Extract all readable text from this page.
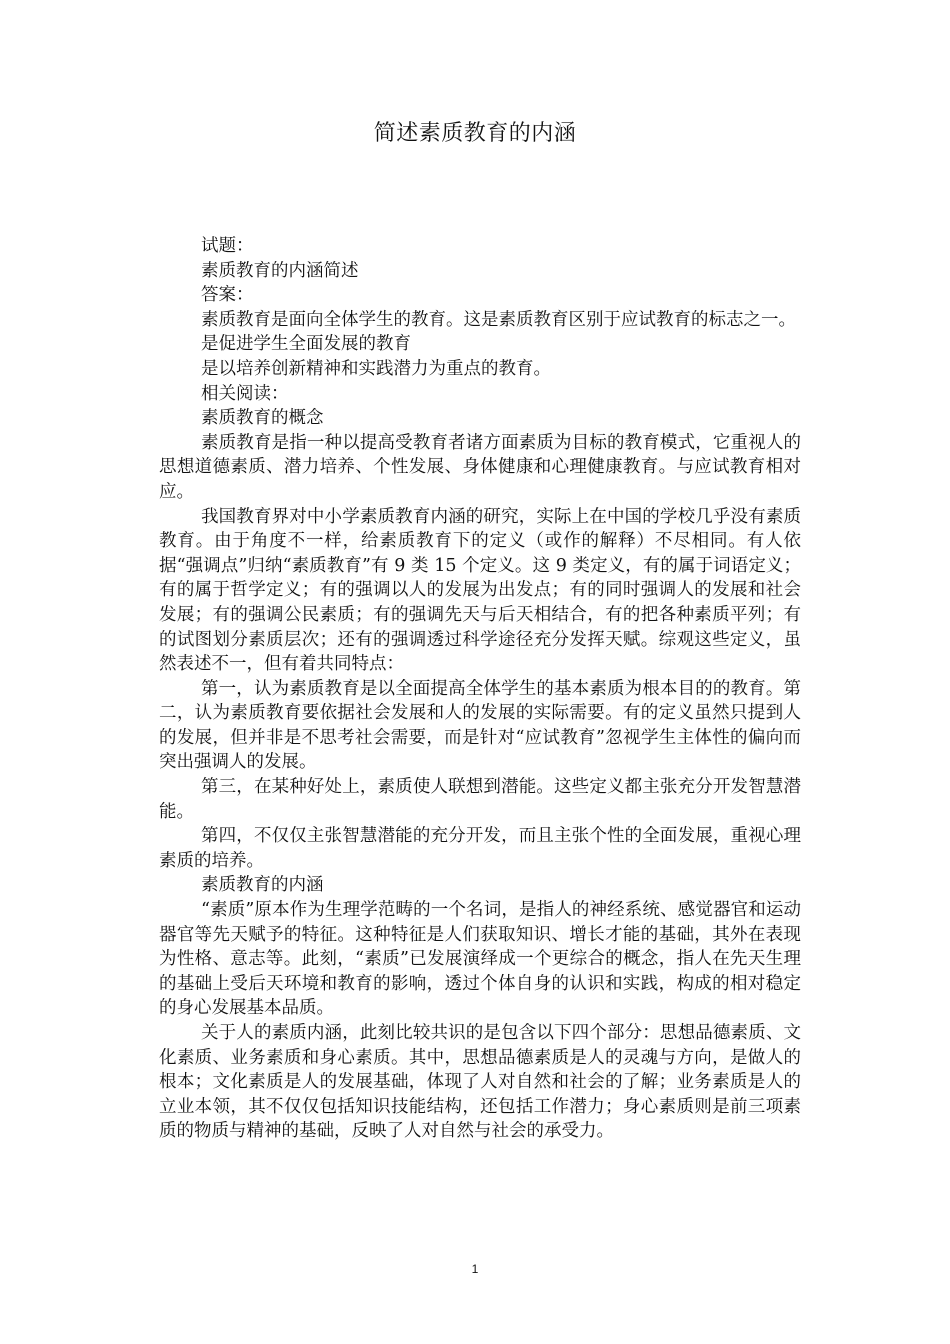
简述素质教育的内涵

试题：

素质教育的内涵简述

答案：

素质教育是面向全体学生的教育。这是素质教育区别于应试教育的标志之一。

是促进学生全面发展的教育

是以培养创新精神和实践潜力为重点的教育。

相关阅读：

素质教育的概念

素质教育是指一种以提高受教育者诸方面素质为目标的教育模式，它重视人的思想道德素质、潜力培养、个性发展、身体健康和心理健康教育。与应试教育相对应。

我国教育界对中小学素质教育内涵的研究，实际上在中国的学校几乎没有素质教育。由于角度不一样，给素质教育下的定义（或作的解释）不尽相同。有人依据“强调点”归纳“素质教育”有 9 类 15 个定义。这 9 类定义，有的属于词语定义；有的属于哲学定义；有的强调以人的发展为出发点；有的同时强调人的发展和社会发展；有的强调公民素质；有的强调先天与后天相结合，有的把各种素质平列；有的试图划分素质层次；还有的强调透过科学途径充分发挥天赋。综观这些定义，虽然表述不一，但有着共同特点：

第一，认为素质教育是以全面提高全体学生的基本素质为根本目的的教育。第二，认为素质教育要依据社会发展和人的发展的实际需要。有的定义虽然只提到人的发展，但并非是不思考社会需要，而是针对“应试教育”忽视学生主体性的偏向而突出强调人的发展。

第三，在某种好处上，素质使人联想到潜能。这些定义都主张充分开发智慧潜能。

第四，不仅仅主张智慧潜能的充分开发，而且主张个性的全面发展，重视心理素质的培养。

素质教育的内涵

“素质”原本作为生理学范畴的一个名词，是指人的神经系统、感觉器官和运动器官等先天赋予的特征。这种特征是人们获取知识、增长才能的基础，其外在表现为性格、意志等。此刻，“素质”已发展演绎成一个更综合的概念，指人在先天生理的基础上受后天环境和教育的影响，透过个体自身的认识和实践，构成的相对稳定的身心发展基本品质。

关于人的素质内涵，此刻比较共识的是包含以下四个部分：思想品德素质、文化素质、业务素质和身心素质。其中，思想品德素质是人的灵魂与方向，是做人的根本；文化素质是人的发展基础，体现了人对自然和社会的了解；业务素质是人的立业本领，其不仅仅包括知识技能结构，还包括工作潜力；身心素质则是前三项素质的物质与精神的基础，反映了人对自然与社会的承受力。

1
